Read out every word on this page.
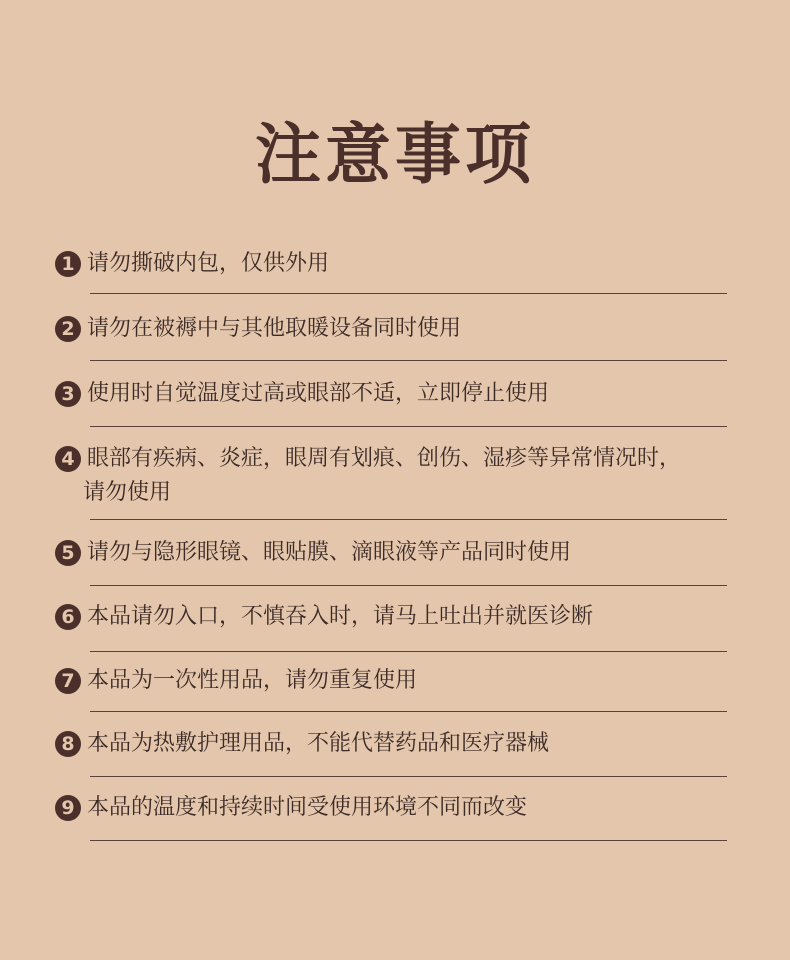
注意事项
1 请勿撕破内包，仅供外用
2 请勿在被褥中与其他取暖设备同时使用
3 使用时自觉温度过高或眼部不适，立即停止使用
4 眼部有疾病、炎症，眼周有划痕、创伤、湿疹等异常情况时，
请勿使用
5 请勿与隐形眼镜、眼贴膜、滴眼液等产品同时使用
6 本品请勿入口，不慎吞入时，请马上吐出并就医诊断
7 本品为一次性用品，请勿重复使用
8 本品为热敷护理用品，不能代替药品和医疗器械
9 本品的温度和持续时间受使用环境不同而改变
